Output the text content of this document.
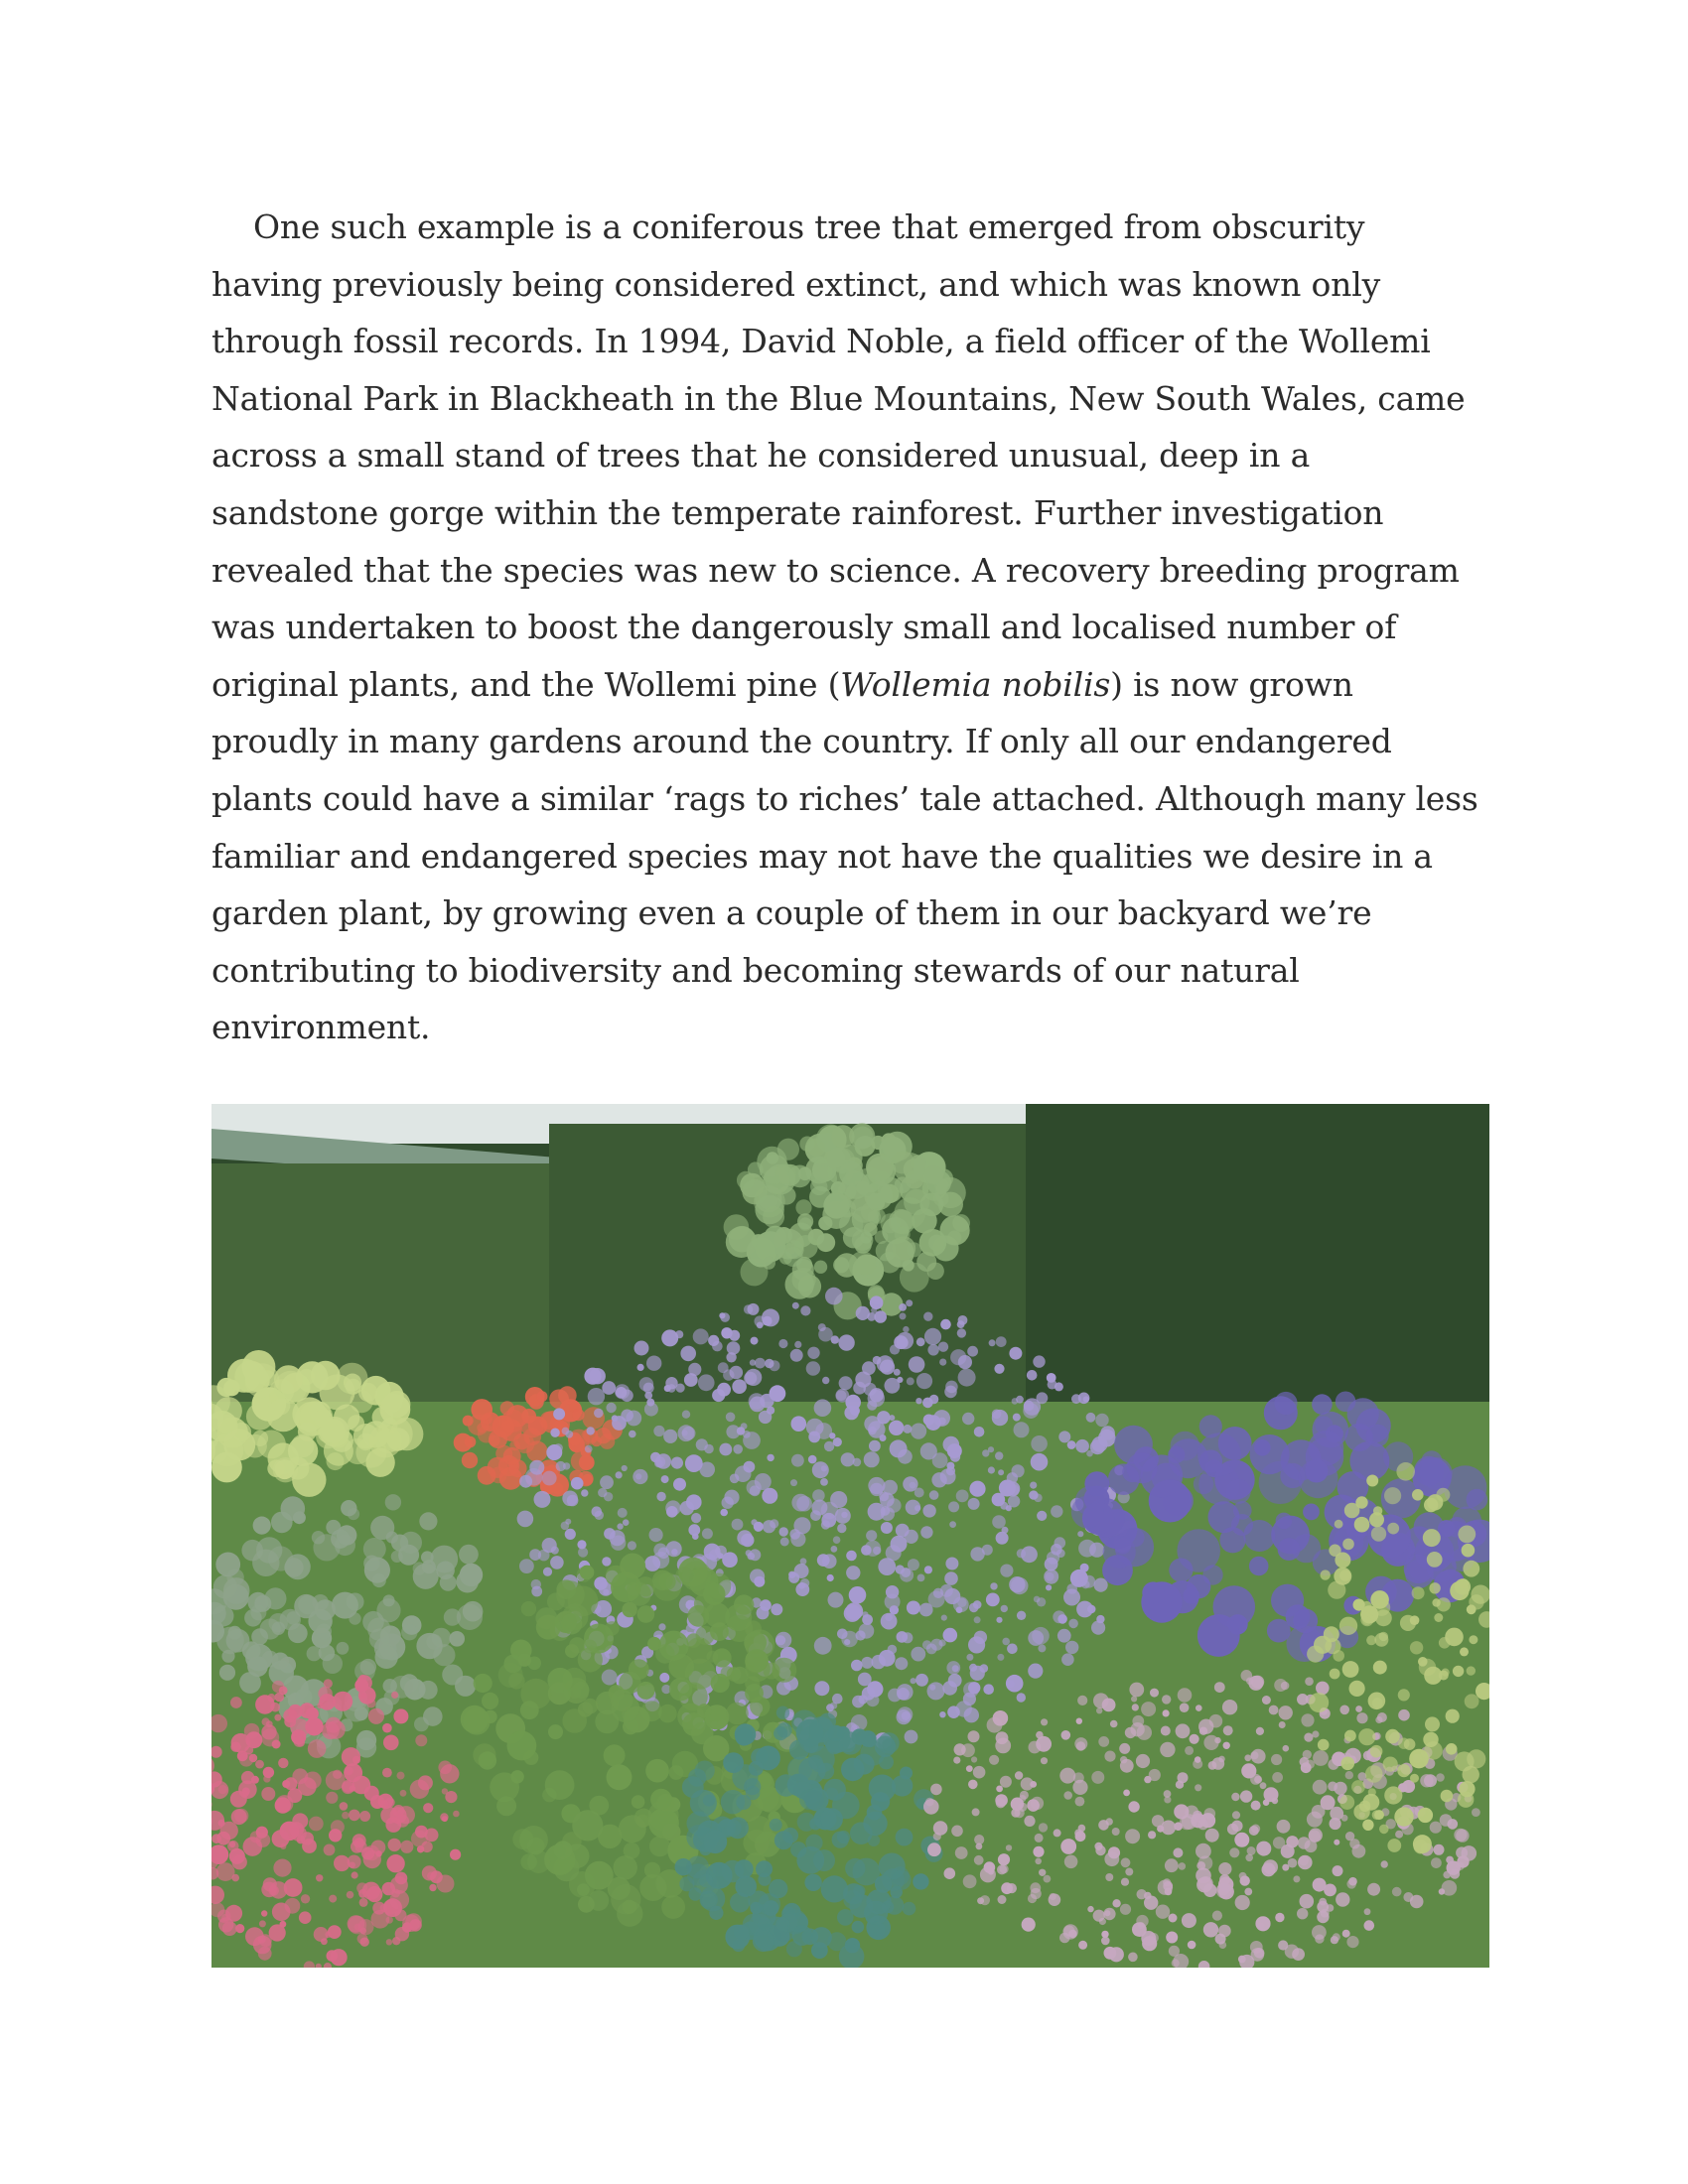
One such example is a coniferous tree that emerged from obscurity
having previously being considered extinct, and which was known only
through fossil records. In 1994, David Noble, a field officer of the Wollemi
National Park in Blackheath in the Blue Mountains, New South Wales, came
across a small stand of trees that he considered unusual, deep in a
sandstone gorge within the temperate rainforest. Further investigation
revealed that the species was new to science. A recovery breeding program
was undertaken to boost the dangerously small and localised number of
original plants, and the Wollemi pine (Wollemia nobilis) is now grown
proudly in many gardens around the country. If only all our endangered
plants could have a similar ‘rags to riches’ tale attached. Although many less
familiar and endangered species may not have the qualities we desire in a
garden plant, by growing even a couple of them in our backyard we’re
contributing to biodiversity and becoming stewards of our natural
environment.
